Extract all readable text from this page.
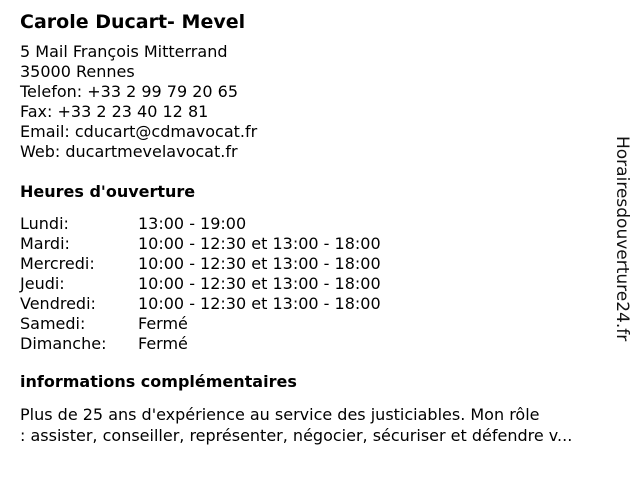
Carole Ducart- Mevel
5 Mail François Mitterrand
35000 Rennes
Telefon: +33 2 99 79 20 65
Fax: +33 2 23 40 12 81
Email: cducart@cdmavocat.fr
Web: ducartmevelavocat.fr
Heures d'ouverture
Lundi:	13:00 - 19:00
Mardi:	10:00 - 12:30 et 13:00 - 18:00
Mercredi:	10:00 - 12:30 et 13:00 - 18:00
Jeudi:	10:00 - 12:30 et 13:00 - 18:00
Vendredi:	10:00 - 12:30 et 13:00 - 18:00
Samedi:	Fermé
Dimanche:	Fermé
informations complémentaires

Plus de 25 ans d'expérience au service des justiciables. Mon rôle
: assister, conseiller, représenter, négocier, sécuriser et défendre v...

Horairesdouverture24.fr
